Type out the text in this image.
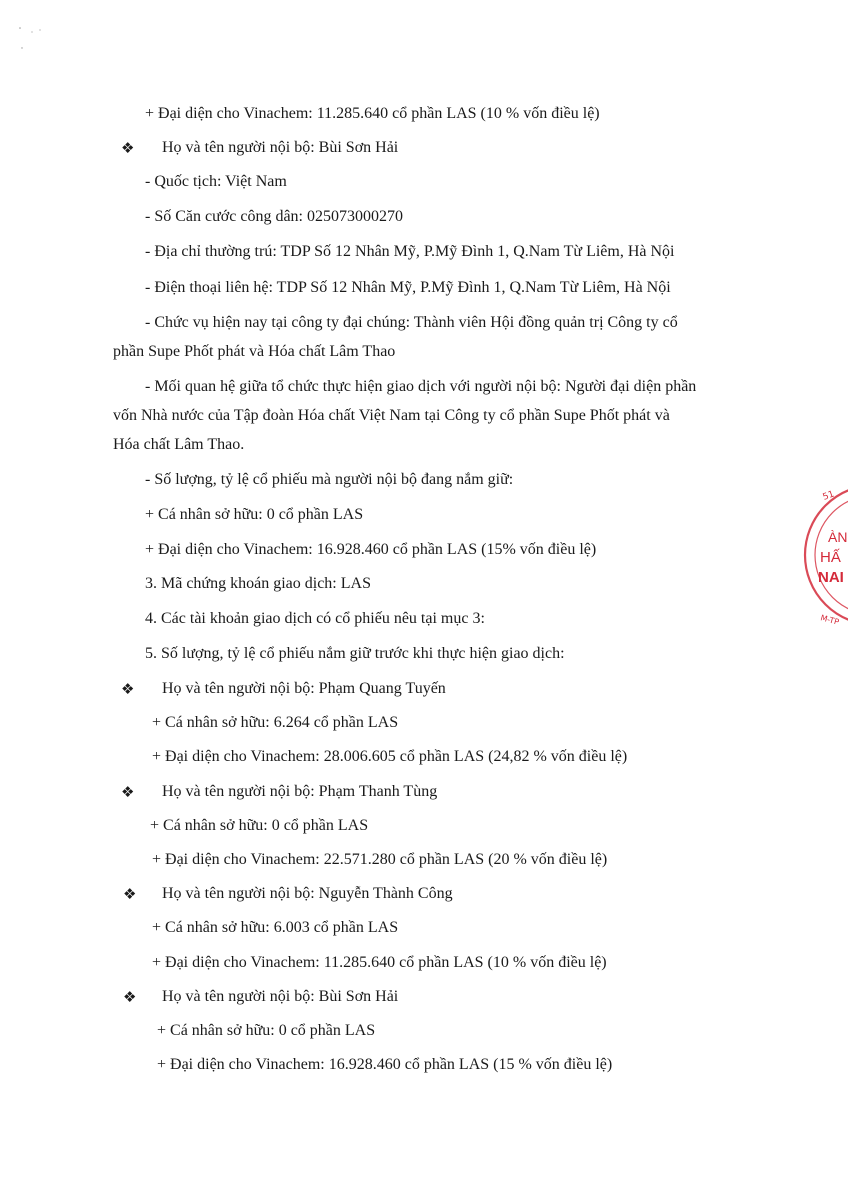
+ Đại diện cho Vinachem: 11.285.640 cổ phần LAS (10 % vốn điều lệ)
❖ Họ và tên người nội bộ: Bùi Sơn Hải
- Quốc tịch: Việt Nam
- Số Căn cước công dân: 025073000270
- Địa chỉ thường trú: TDP Số 12 Nhân Mỹ, P.Mỹ Đình 1, Q.Nam Từ Liêm, Hà Nội
- Điện thoại liên hệ: TDP Số 12 Nhân Mỹ, P.Mỹ Đình 1, Q.Nam Từ Liêm, Hà Nội
- Chức vụ hiện nay tại công ty đại chúng: Thành viên Hội đồng quản trị Công ty cổ
phần Supe Phốt phát và Hóa chất Lâm Thao
- Mối quan hệ giữa tổ chức thực hiện giao dịch với người nội bộ: Người đại diện phần
vốn Nhà nước của Tập đoàn Hóa chất Việt Nam tại Công ty cổ phần Supe Phốt phát và
Hóa chất Lâm Thao.
- Số lượng, tỷ lệ cổ phiếu mà người nội bộ đang nắm giữ:
+ Cá nhân sở hữu: 0 cổ phần LAS
+ Đại diện cho Vinachem: 16.928.460 cổ phần LAS (15% vốn điều lệ)
3. Mã chứng khoán giao dịch: LAS
4. Các tài khoản giao dịch có cổ phiếu nêu tại mục 3:
5. Số lượng, tỷ lệ cổ phiếu nắm giữ trước khi thực hiện giao dịch:
❖ Họ và tên người nội bộ: Phạm Quang Tuyến
+ Cá nhân sở hữu: 6.264 cổ phần LAS
+ Đại diện cho Vinachem: 28.006.605 cổ phần LAS (24,82 % vốn điều lệ)
❖ Họ và tên người nội bộ: Phạm Thanh Tùng
+ Cá nhân sở hữu: 0 cổ phần LAS
+ Đại diện cho Vinachem: 22.571.280 cổ phần LAS (20 % vốn điều lệ)
❖ Họ và tên người nội bộ: Nguyễn Thành Công
+ Cá nhân sở hữu: 6.003 cổ phần LAS
+ Đại diện cho Vinachem: 11.285.640 cổ phần LAS (10 % vốn điều lệ)
❖ Họ và tên người nội bộ: Bùi Sơn Hải
+ Cá nhân sở hữu: 0 cổ phần LAS
+ Đại diện cho Vinachem: 16.928.460 cổ phần LAS (15 % vốn điều lệ)
51
ÀN
HẤ
NAI
M-TP
